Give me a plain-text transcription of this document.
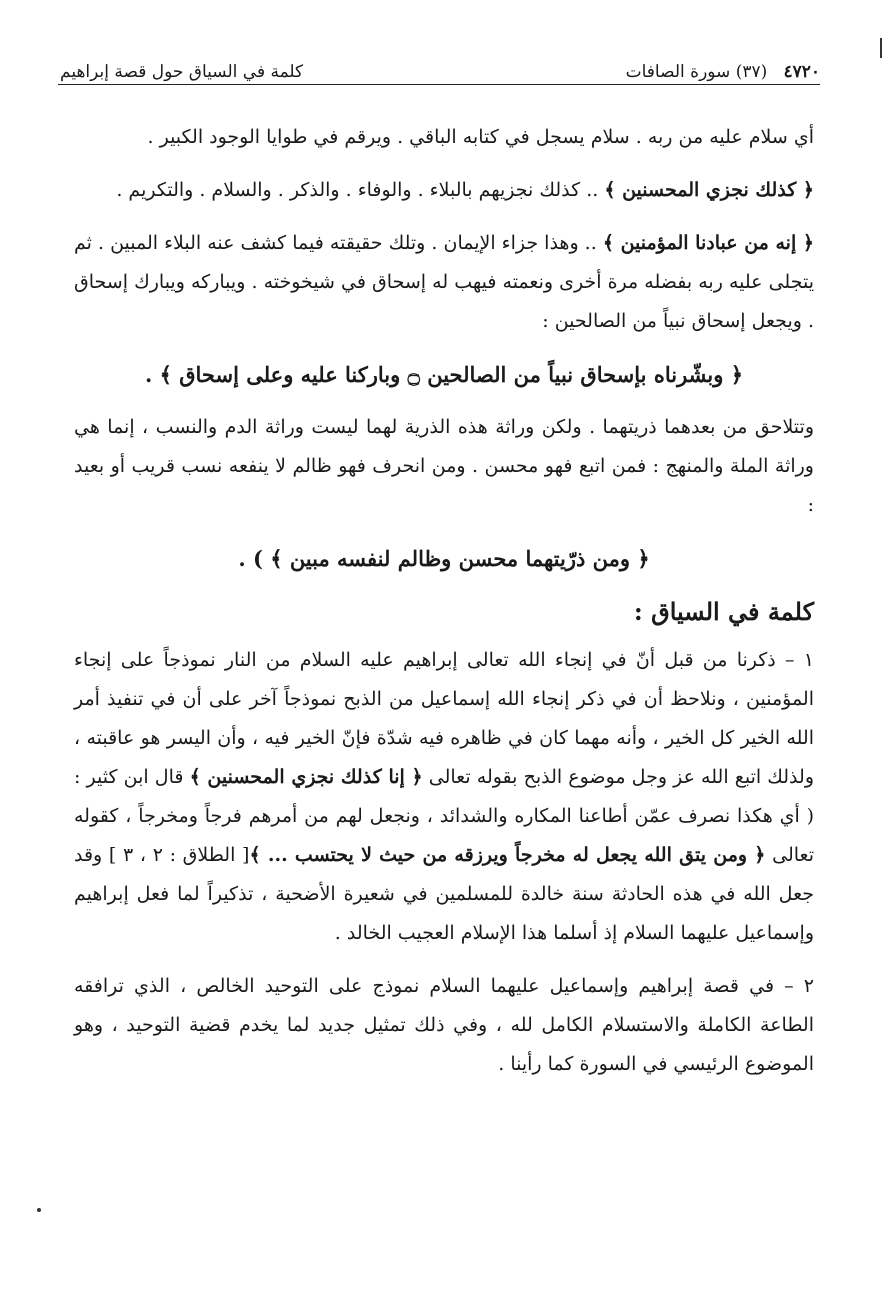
٤٧٢٠   (٣٧) سورة الصافات
كلمة في السياق حول قصة إبراهيم

أي سلام عليه من ربه . سلام يسجل في كتابه الباقي . ويرقم في طوايا الوجود الكبير .

﴿ كذلك نجزي المحسنين ﴾ .. كذلك نجزيهم بالبلاء . والوفاء . والذكر . والسلام . والتكريم .

﴿ إنه من عبادنا المؤمنين ﴾ .. وهذا جزاء الإيمان . وتلك حقيقته فيما كشف عنه البلاء المبين . ثم يتجلى عليه ربه بفضله مرة أخرى ونعمته فيهب له إسحاق في شيخوخته . ويباركه ويبارك إسحاق . ويجعل إسحاق نبياً من الصالحين :

﴿ وبشّرناه بإسحاق نبياً من الصالحين ۝ وباركنا عليه وعلى إسحاق ﴾ .

وتتلاحق من بعدهما ذريتهما . ولكن وراثة هذه الذرية لهما ليست وراثة الدم والنسب ، إنما هي وراثة الملة والمنهج : فمن اتبع فهو محسن . ومن انحرف فهو ظالم لا ينفعه نسب قريب أو بعيد :

﴿ ومن ذرّيتهما محسن وظالم لنفسه مبين ﴾ ) .

كلمة في السياق :

١ – ذكرنا من قبل أنّ في إنجاء الله تعالى إبراهيم عليه السلام من النار نموذجاً على إنجاء المؤمنين ، ونلاحظ أن في ذكر إنجاء الله إسماعيل من الذبح نموذجاً آخر على أن في تنفيذ أمر الله الخير كل الخير ، وأنه مهما كان في ظاهره فيه شدّة فإنّ الخير فيه ، وأن اليسر هو عاقبته ، ولذلك اتبع الله عز وجل موضوع الذبح بقوله تعالى ﴿ إنا كذلك نجزي المحسنين ﴾ قال ابن كثير : ( أي هكذا نصرف عمّن أطاعنا المكاره والشدائد ، ونجعل لهم من أمرهم فرجاً ومخرجاً ، كقوله تعالى ﴿ ومن يتق الله يجعل له مخرجاً ويرزقه من حيث لا يحتسب ... ﴾[ الطلاق : ٢ ، ٣ ] وقد جعل الله في هذه الحادثة سنة خالدة للمسلمين في شعيرة الأضحية ، تذكيراً لما فعل إبراهيم وإسماعيل عليهما السلام إذ أسلما هذا الإسلام العجيب الخالد .

٢ – في قصة إبراهيم وإسماعيل عليهما السلام نموذج على التوحيد الخالص ، الذي ترافقه الطاعة الكاملة والاستسلام الكامل لله ، وفي ذلك تمثيل جديد لما يخدم قضية التوحيد ، وهو الموضوع الرئيسي في السورة كما رأينا .
